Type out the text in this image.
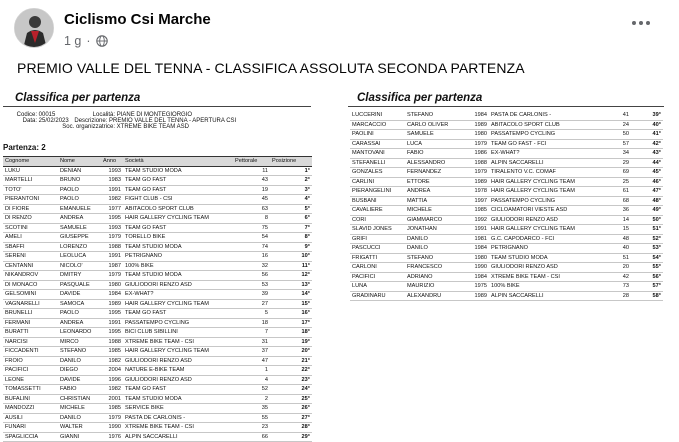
Ciclismo Csi Marche
1 g ·
PREMIO VALLE DEL TENNA - CLASSIFICA ASSOLUTA SECONDA PARTENZA
Classifica per partenza
Codice: 00015	Località: PIANE DI MONTEGIORGIO
Data: 25/02/2023 Descrizione: PREMIO VALLE DEL TENNA - APERTURA CSI
Soc. organizzatrice: XTREME BIKE TEAM ASD
Partenza: 2
Cognome	Nome	Anno	Società	Pettorale	Posizione
LUKU	DENIAN	1993	TEAM STUDIO MODA	11	1°
MARTELLI	BRUNO	1983	TEAM GO FAST	43	2°
TOTO'	PAOLO	1991	TEAM GO FAST	19	3°
PIERANTONI	PAOLO	1982	FIGHT CLUB - CSI	45	4°
DI FIORE	EMANUELE	1977	ABITACOLO SPORT CLUB	63	5°
DI RENZO	ANDREA	1995	HAIR GALLERY CYCLING TEAM	8	6°
SCOTINI	SAMUELE	1993	TEAM GO FAST	75	7°
AMELI	GIUSEPPE	1979	TORELLO BIKE	54	8°
SBAFFI	LORENZO	1988	TEAM STUDIO MODA	74	9°
SERENI	LEOLUCA	1991	PETRIGNANO	16	10°
CENTANNI	NICOLO'	1987	100% BIKE	32	11°
NIKANDROV	DMITRY	1979	TEAM STUDIO MODA	56	12°
DI MONACO	PASQUALE	1980	GIULIODORI RENZO ASD	53	13°
GELSOMINI	DAVIDE	1984	EX-WHAT?	39	14°
VAGNARELLI	SAMOCA	1989	HAIR GALLERY CYCLING TEAM	27	15°
BRUNELLI	PAOLO	1995	TEAM GO FAST	5	16°
FERMANI	ANDREA	1991	PASSATEMPO CYCLING	18	17°
BURATTI	LEONARDO	1995	BICI CLUB SIBILLINI	7	18°
NARCISI	MIRCO	1988	XTREME BIKE TEAM - CSI	31	19°
FICCADENTI	STEFANO	1985	HAIR GALLERY CYCLING TEAM	37	20°
FROIO	DANILO	1982	GIULIODORI RENZO ASD	47	21°
PACIFICI	DIEGO	2004	NATURE E-BIKE TEAM	1	22°
LEONE	DAVIDE	1996	GIULIODORI RENZO ASD	4	23°
TOMASSETTI	FABIO	1982	TEAM GO FAST	52	24°
BUFALINI	CHRISTIAN	2001	TEAM STUDIO MODA	2	25°
MANDOZZI	MICHELE	1985	SERVICE BIKE	35	26°
AUSILI	DANILO	1979	PASTA DE CARLONIS -	55	27°
FUNARI	WALTER	1990	XTREME BIKE TEAM - CSI	23	28°
SPAGLICCIA	GIANNI	1976	ALPIN SACCARELLI	66	29°
Classifica per partenza
LUCCERINI	STEFANO	1984	PASTA DE CARLONIS -	41	39°
MARCACCIO	CARLO OLIVER	1989	ABITACOLO SPORT CLUB	24	40°
PAOLINI	SAMUELE	1980	PASSATEMPO CYCLING	50	41°
CARASSAI	LUCA	1979	TEAM GO FAST - FCI	57	42°
MANTOVANI	FABIO	1986	EX-WHAT?	34	43°
STEFANELLI	ALESSANDRO	1988	ALPIN SACCARELLI	29	44°
GONZALES	FERNANDEZ	1979	TIRALENTO V.C. COMAF	69	45°
CARLINI	ETTORE	1989	HAIR GALLERY CYCLING TEAM	25	46°
PIERANGELINI	ANDREA	1978	HAIR GALLERY CYCLING TEAM	61	47°
BUSBANI	MATTIA	1997	PASSATEMPO CYCLING	68	48°
CAVALIERE	MICHELE	1985	CICLOAMATORI VIESTE ASD	36	49°
CORI	GIAMMARCO	1992	GIULIODORI RENZO ASD	14	50°
SLAVID JONES	JONATHAN	1991	HAIR GALLERY CYCLING TEAM	15	51°
GRIFI	DANILO	1981	G.C. CAPODARCO - FCI	48	52°
PASCUCCI	DANILO	1984	PETRIGNANO	40	53°
FRIGATTI	STEFANO	1980	TEAM STUDIO MODA	51	54°
CARLONI	FRANCESCO	1990	GIULIODORI RENZO ASD	20	55°
PACIFICI	ADRIANO	1984	XTREME BIKE TEAM - CSI	42	56°
LUNA	MAURIZIO	1975	100% BIKE	73	57°
GRADINARU	ALEXANDRU	1989	ALPIN SACCARELLI	28	58°
